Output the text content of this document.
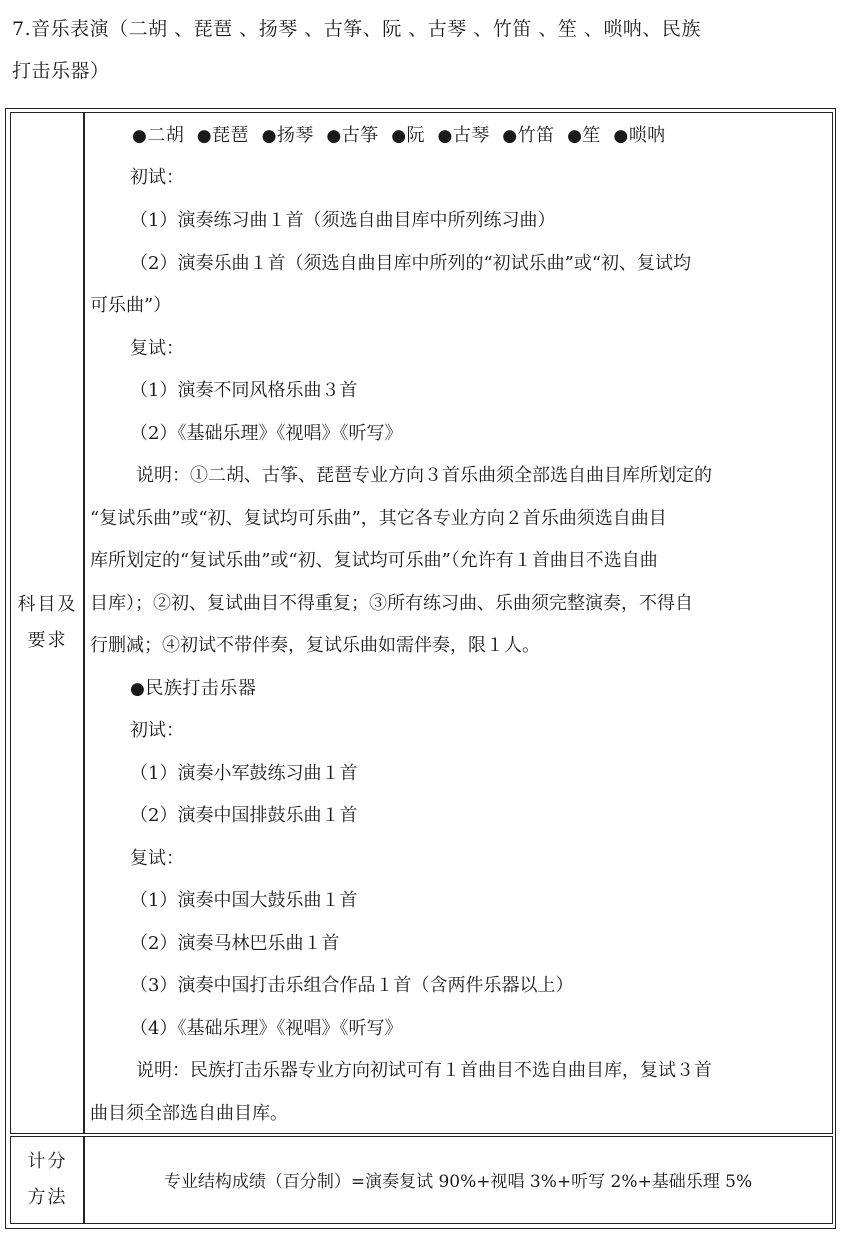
7.音乐表演（二胡 、琵琶 、扬琴 、古筝、阮 、古琴 、竹笛 、笙 、唢呐、民族
打击乐器）
科目及
要求
●二胡 ●琵琶 ●扬琴 ●古筝 ●阮 ●古琴 ●竹笛 ●笙 ●唢呐
初试：
（1）演奏练习曲１首（须选自曲目库中所列练习曲）
（2）演奏乐曲１首（须选自曲目库中所列的“初试乐曲”或“初、复试均
可乐曲”）
复试：
（1）演奏不同风格乐曲３首
（2）《基础乐理》《视唱》《听写》
说明：①二胡、古筝、琵琶专业方向３首乐曲须全部选自曲目库所划定的
“复试乐曲”或“初、复试均可乐曲”，其它各专业方向２首乐曲须选自曲目
库所划定的“复试乐曲”或“初、复试均可乐曲”（允许有１首曲目不选自曲
目库）；②初、复试曲目不得重复；③所有练习曲、乐曲须完整演奏，不得自
行删减；④初试不带伴奏，复试乐曲如需伴奏，限１人。
●民族打击乐器
初试：
（1）演奏小军鼓练习曲１首
（2）演奏中国排鼓乐曲１首
复试：
（1）演奏中国大鼓乐曲１首
（2）演奏马林巴乐曲１首
（3）演奏中国打击乐组合作品１首（含两件乐器以上）
（4）《基础乐理》《视唱》《听写》
说明：民族打击乐器专业方向初试可有１首曲目不选自曲目库，复试３首
曲目须全部选自曲目库。
计分
方法
专业结构成绩（百分制）=演奏复试 90%+视唱 3%+听写 2%+基础乐理 5%
